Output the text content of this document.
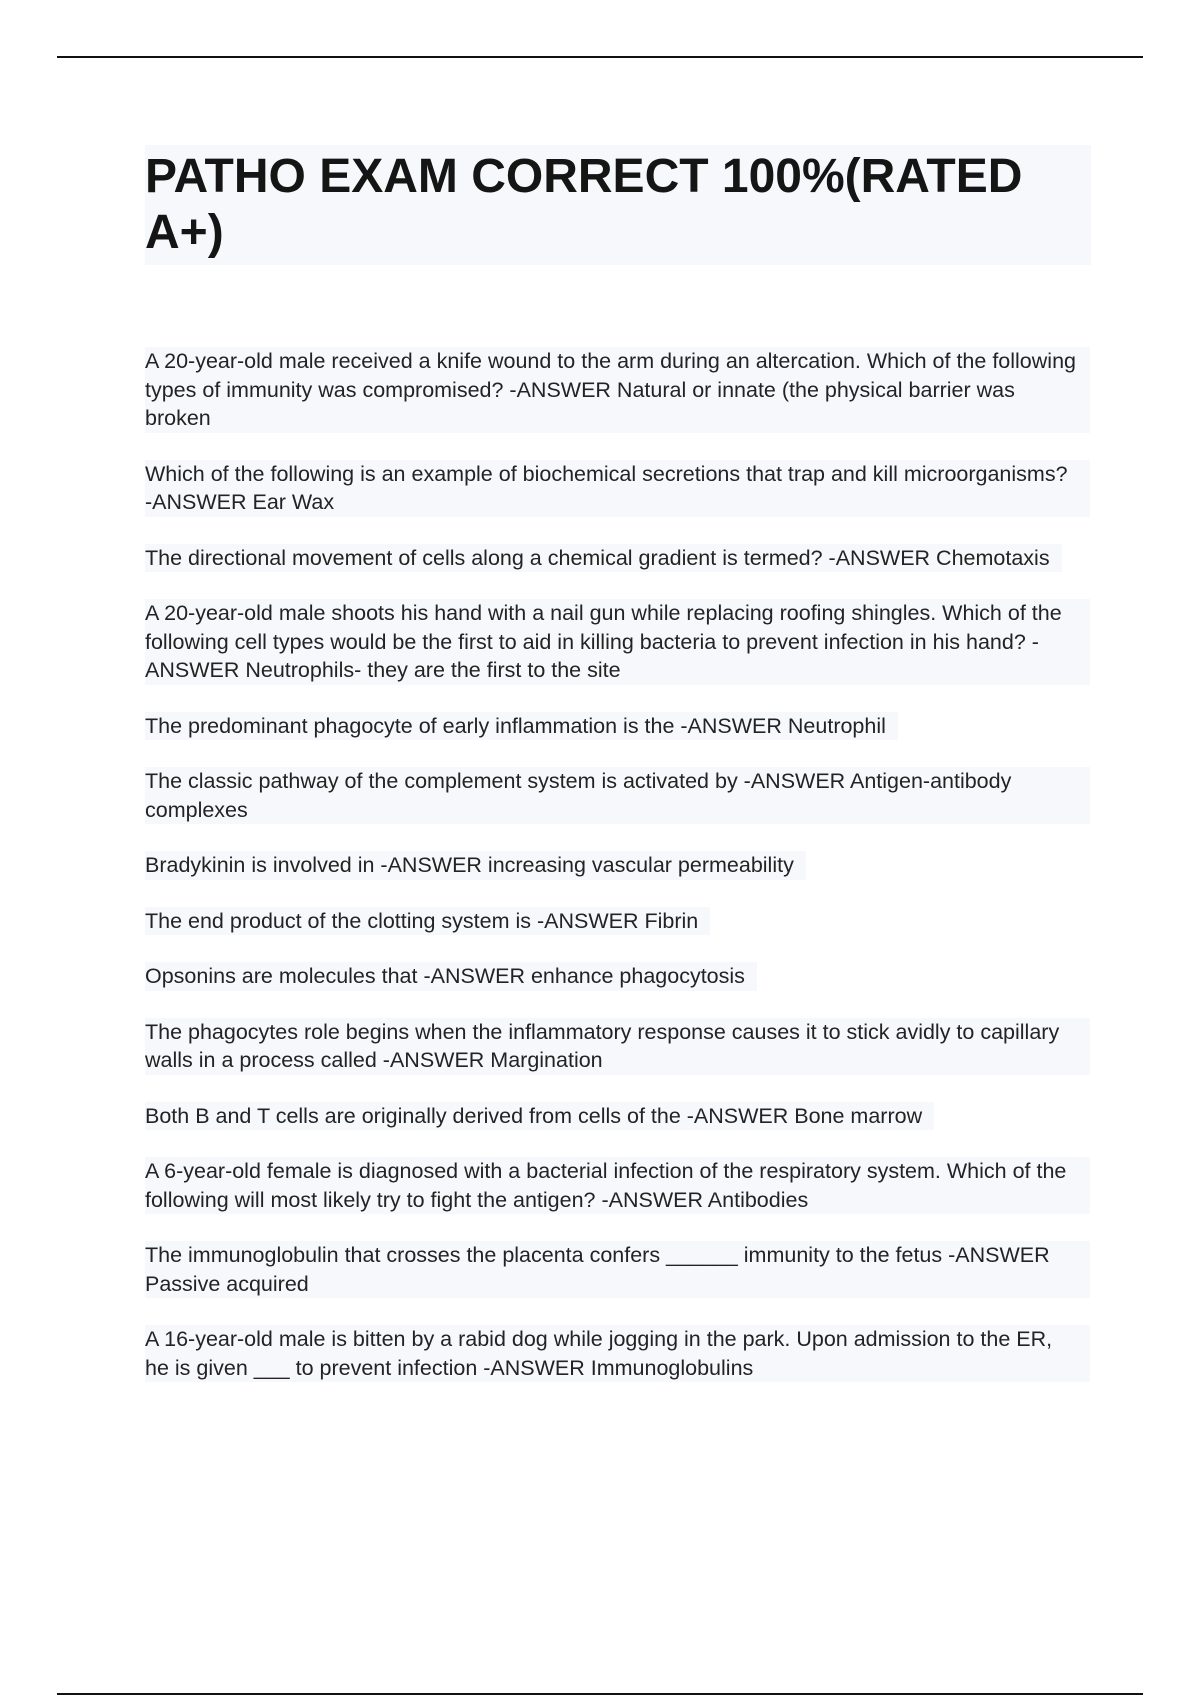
PATHO EXAM CORRECT 100%(RATED A+)
A 20-year-old male received a knife wound to the arm during an altercation. Which of the following types of immunity was compromised? -ANSWER Natural or innate (the physical barrier was broken
Which of the following is an example of biochemical secretions that trap and kill microorganisms? -ANSWER Ear Wax
The directional movement of cells along a chemical gradient is termed? -ANSWER Chemotaxis
A 20-year-old male shoots his hand with a nail gun while replacing roofing shingles. Which of the following cell types would be the first to aid in killing bacteria to prevent infection in his hand? -ANSWER Neutrophils- they are the first to the site
The predominant phagocyte of early inflammation is the -ANSWER Neutrophil
The classic pathway of the complement system is activated by -ANSWER Antigen-antibody complexes
Bradykinin is involved in -ANSWER increasing vascular permeability
The end product of the clotting system is -ANSWER Fibrin
Opsonins are molecules that -ANSWER enhance phagocytosis
The phagocytes role begins when the inflammatory response causes it to stick avidly to capillary walls in a process called -ANSWER Margination
Both B and T cells are originally derived from cells of the -ANSWER Bone marrow
A 6-year-old female is diagnosed with a bacterial infection of the respiratory system. Which of the following will most likely try to fight the antigen? -ANSWER Antibodies
The immunoglobulin that crosses the placenta confers ______ immunity to the fetus -ANSWER Passive acquired
A 16-year-old male is bitten by a rabid dog while jogging in the park. Upon admission to the ER, he is given ___ to prevent infection -ANSWER Immunoglobulins
